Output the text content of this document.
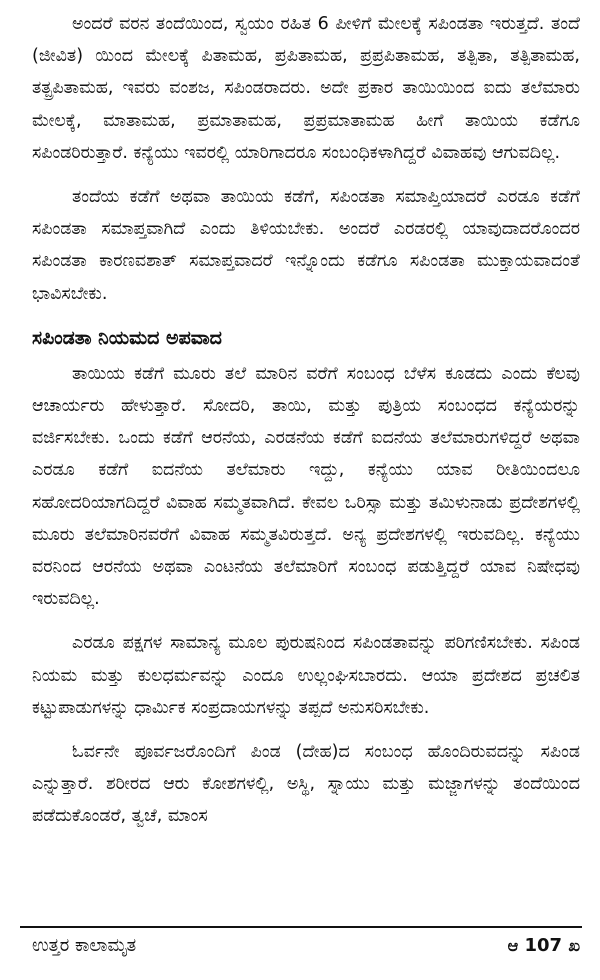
ಅಂದರೆ ವರನ ತಂದೆಯಿಂದ, ಸ್ವಯಂ ರಹಿತ 6 ಪೀಳಿಗೆ ಮೇಲಕ್ಕೆ ಸಪಿಂಡತಾ ಇರುತ್ತದೆ. ತಂದೆ (ಜೀವಿತ) ಯಿಂದ ಮೇಲಕ್ಕೆ ಪಿತಾಮಹ, ಪ್ರಪಿತಾಮಹ, ಪ್ರಪ್ರಪಿತಾಮಹ, ತತ್ಪಿತಾ, ತತ್ಪಿತಾಮಹ, ತತ್ಪ್ರಪಿತಾಮಹ, ಇವರು ವಂಶಜ, ಸಪಿಂಡರಾದರು. ಅದೇ ಪ್ರಕಾರ ತಾಯಿಯಿಂದ ಐದು ತಲೆಮಾರು ಮೇಲಕ್ಕೆ, ಮಾತಾಮಹ, ಪ್ರಮಾತಾಮಹ, ಪ್ರಪ್ರಮಾತಾಮಹ ಹೀಗೆ ತಾಯಿಯ ಕಡೆಗೂ ಸಪಿಂಡರಿರುತ್ತಾರೆ. ಕನ್ಯೆಯು ಇವರಲ್ಲಿ ಯಾರಿಗಾದರೂ ಸಂಬಂಧಿಕಳಾಗಿದ್ದರೆ ವಿವಾಹವು ಆಗುವದಿಲ್ಲ.

ತಂದೆಯ ಕಡೆಗೆ ಅಥವಾ ತಾಯಿಯ ಕಡೆಗೆ, ಸಪಿಂಡತಾ ಸಮಾಪ್ತಿಯಾದರೆ ಎರಡೂ ಕಡೆಗೆ ಸಪಿಂಡತಾ ಸಮಾಪ್ತವಾಗಿದೆ ಎಂದು ತಿಳಿಯಬೇಕು. ಅಂದರೆ ಎರಡರಲ್ಲಿ ಯಾವುದಾದರೊಂದರ ಸಪಿಂಡತಾ ಕಾರಣವಶಾತ್ ಸಮಾಪ್ತವಾದರೆ ಇನ್ನೊಂದು ಕಡೆಗೂ ಸಪಿಂಡತಾ ಮುಕ್ತಾಯವಾದಂತೆ ಭಾವಿಸಬೇಕು.

ಸಪಿಂಡತಾ ನಿಯಮದ ಅಪವಾದ

ತಾಯಿಯ ಕಡೆಗೆ ಮೂರು ತಲೆ ಮಾರಿನ ವರೆಗೆ ಸಂಬಂಧ ಬೆಳೆಸ ಕೂಡದು ಎಂದು ಕೆಲವು ಆಚಾರ್ಯರು ಹೇಳುತ್ತಾರೆ. ಸೋದರಿ, ತಾಯಿ, ಮತ್ತು ಪುತ್ರಿಯ ಸಂಬಂಧದ ಕನ್ಯೆಯರನ್ನು ವರ್ಜಿಸಬೇಕು. ಒಂದು ಕಡೆಗೆ ಆರನೆಯ, ಎರಡನೆಯ ಕಡೆಗೆ ಐದನೆಯ ತಲೆಮಾರುಗಳಿದ್ದರೆ ಅಥವಾ ಎರಡೂ ಕಡೆಗೆ ಐದನೆಯ ತಲೆಮಾರು ಇದ್ದು, ಕನ್ಯೆಯು ಯಾವ ರೀತಿಯಿಂದಲೂ ಸಹೋದರಿಯಾಗದಿದ್ದರೆ ವಿವಾಹ ಸಮ್ಮತವಾಗಿದೆ. ಕೇವಲ ಒರಿಸ್ಸಾ ಮತ್ತು ತಮಿಳುನಾಡು ಪ್ರದೇಶಗಳಲ್ಲಿ ಮೂರು ತಲೆಮಾರಿನವರೆಗೆ ವಿವಾಹ ಸಮ್ಮತವಿರುತ್ತದೆ. ಅನ್ಯ ಪ್ರದೇಶಗಳಲ್ಲಿ ಇರುವದಿಲ್ಲ. ಕನ್ಯೆಯು ವರನಿಂದ ಆರನೆಯ ಅಥವಾ ಎಂಟನೆಯ ತಲೆಮಾರಿಗೆ ಸಂಬಂಧ ಪಡುತ್ತಿದ್ದರೆ ಯಾವ ನಿಷೇಧವು ಇರುವದಿಲ್ಲ.

ಎರಡೂ ಪಕ್ಷಗಳ ಸಾಮಾನ್ಯ ಮೂಲ ಪುರುಷನಿಂದ ಸಪಿಂಡತಾವನ್ನು ಪರಿಗಣಿಸಬೇಕು. ಸಪಿಂಡ ನಿಯಮ ಮತ್ತು ಕುಲಧರ್ಮವನ್ನು ಎಂದೂ ಉಲ್ಲಂಘಿಸಬಾರದು. ಆಯಾ ಪ್ರದೇಶದ ಪ್ರಚಲಿತ ಕಟ್ಟುಪಾಡುಗಳನ್ನು ಧಾರ್ಮಿಕ ಸಂಪ್ರದಾಯಗಳನ್ನು ತಪ್ಪದೆ ಅನುಸರಿಸಬೇಕು.

ಓರ್ವನೇ ಪೂರ್ವಜರೊಂದಿಗೆ ಪಿಂಡ (ದೇಹ)ದ ಸಂಬಂಧ ಹೊಂದಿರುವದನ್ನು ಸಪಿಂಡ ಎನ್ನುತ್ತಾರೆ. ಶರೀರದ ಆರು ಕೋಶಗಳಲ್ಲಿ, ಅಸ್ಥಿ, ಸ್ನಾಯು ಮತ್ತು ಮಜ್ಜಾಗಳನ್ನು ತಂದೆಯಿಂದ ಪಡೆದುಕೊಂಡರೆ, ತ್ವಚೆ, ಮಾಂಸ

ಉತ್ತರ ಕಾಲಾಮೃತ	ಆ 107 ಖ
